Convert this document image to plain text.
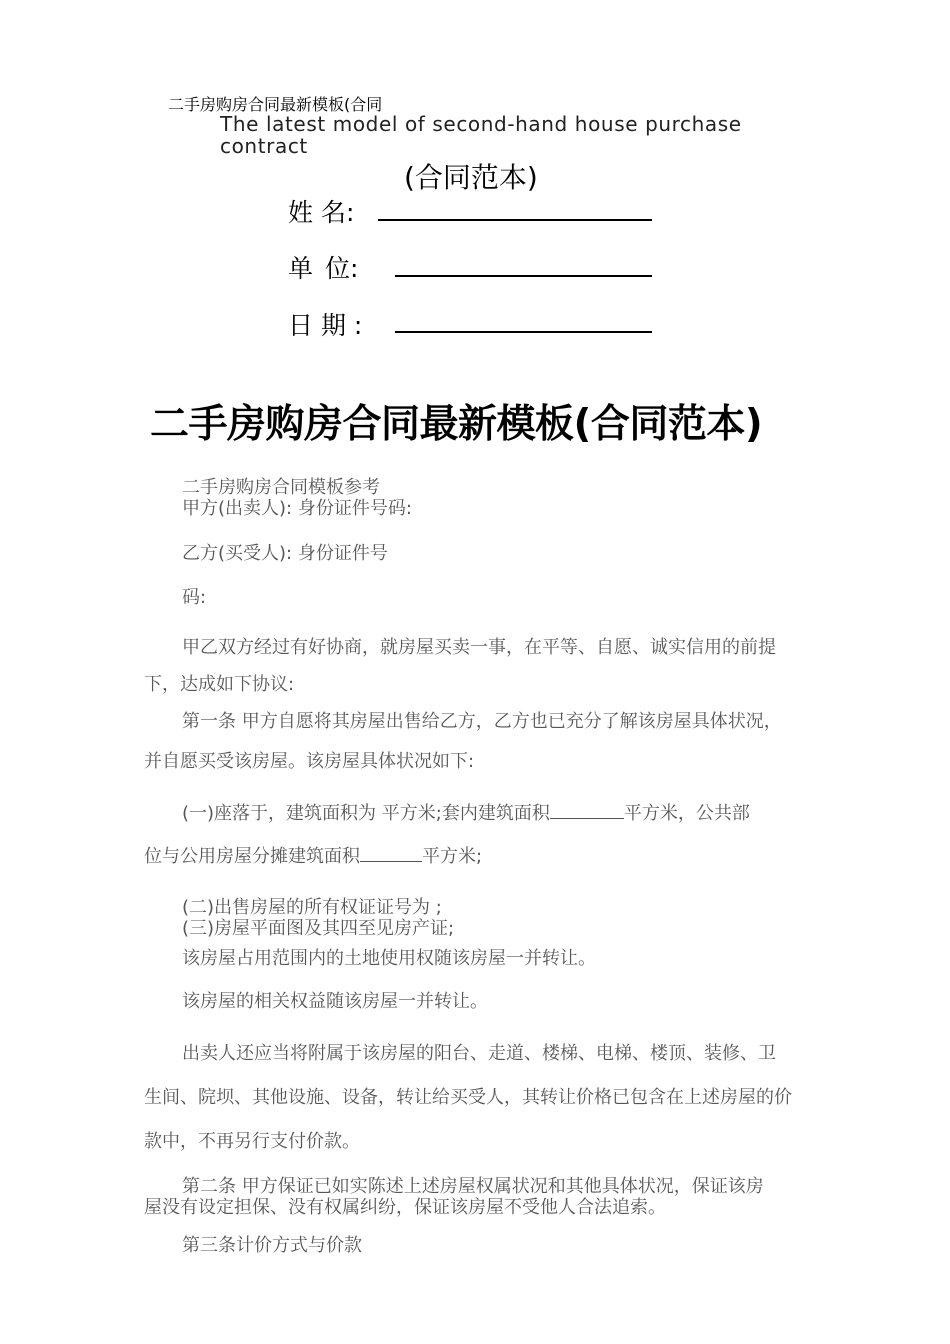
二手房购房合同最新模板(合同
The latest model of second-hand house purchase contract
(合同范本)
姓 名:
单 位:
日 期 :
二手房购房合同最新模板(合同范本)
二手房购房合同模板参考
甲方(出卖人): 身份证件号码:
乙方(买受人): 身份证件号
码:
甲乙双方经过有好协商，就房屋买卖一事，在平等、自愿、诚实信用的前提
下，达成如下协议:
第一条 甲方自愿将其房屋出售给乙方，乙方也已充分了解该房屋具体状况，
并自愿买受该房屋。该房屋具体状况如下:
(一)座落于，建筑面积为 平方米;套内建筑面积	平方米，公共部
位与公用房屋分摊建筑面积	平方米;
(二)出售房屋的所有权证证号为 ;
(三)房屋平面图及其四至见房产证;
该房屋占用范围内的土地使用权随该房屋一并转让。
该房屋的相关权益随该房屋一并转让。
出卖人还应当将附属于该房屋的阳台、走道、楼梯、电梯、楼顶、装修、卫
生间、院坝、其他设施、设备，转让给买受人，其转让价格已包含在上述房屋的价
款中，不再另行支付价款。
第二条 甲方保证已如实陈述上述房屋权属状况和其他具体状况，保证该房
屋没有设定担保、没有权属纠纷，保证该房屋不受他人合法追索。
第三条计价方式与价款
